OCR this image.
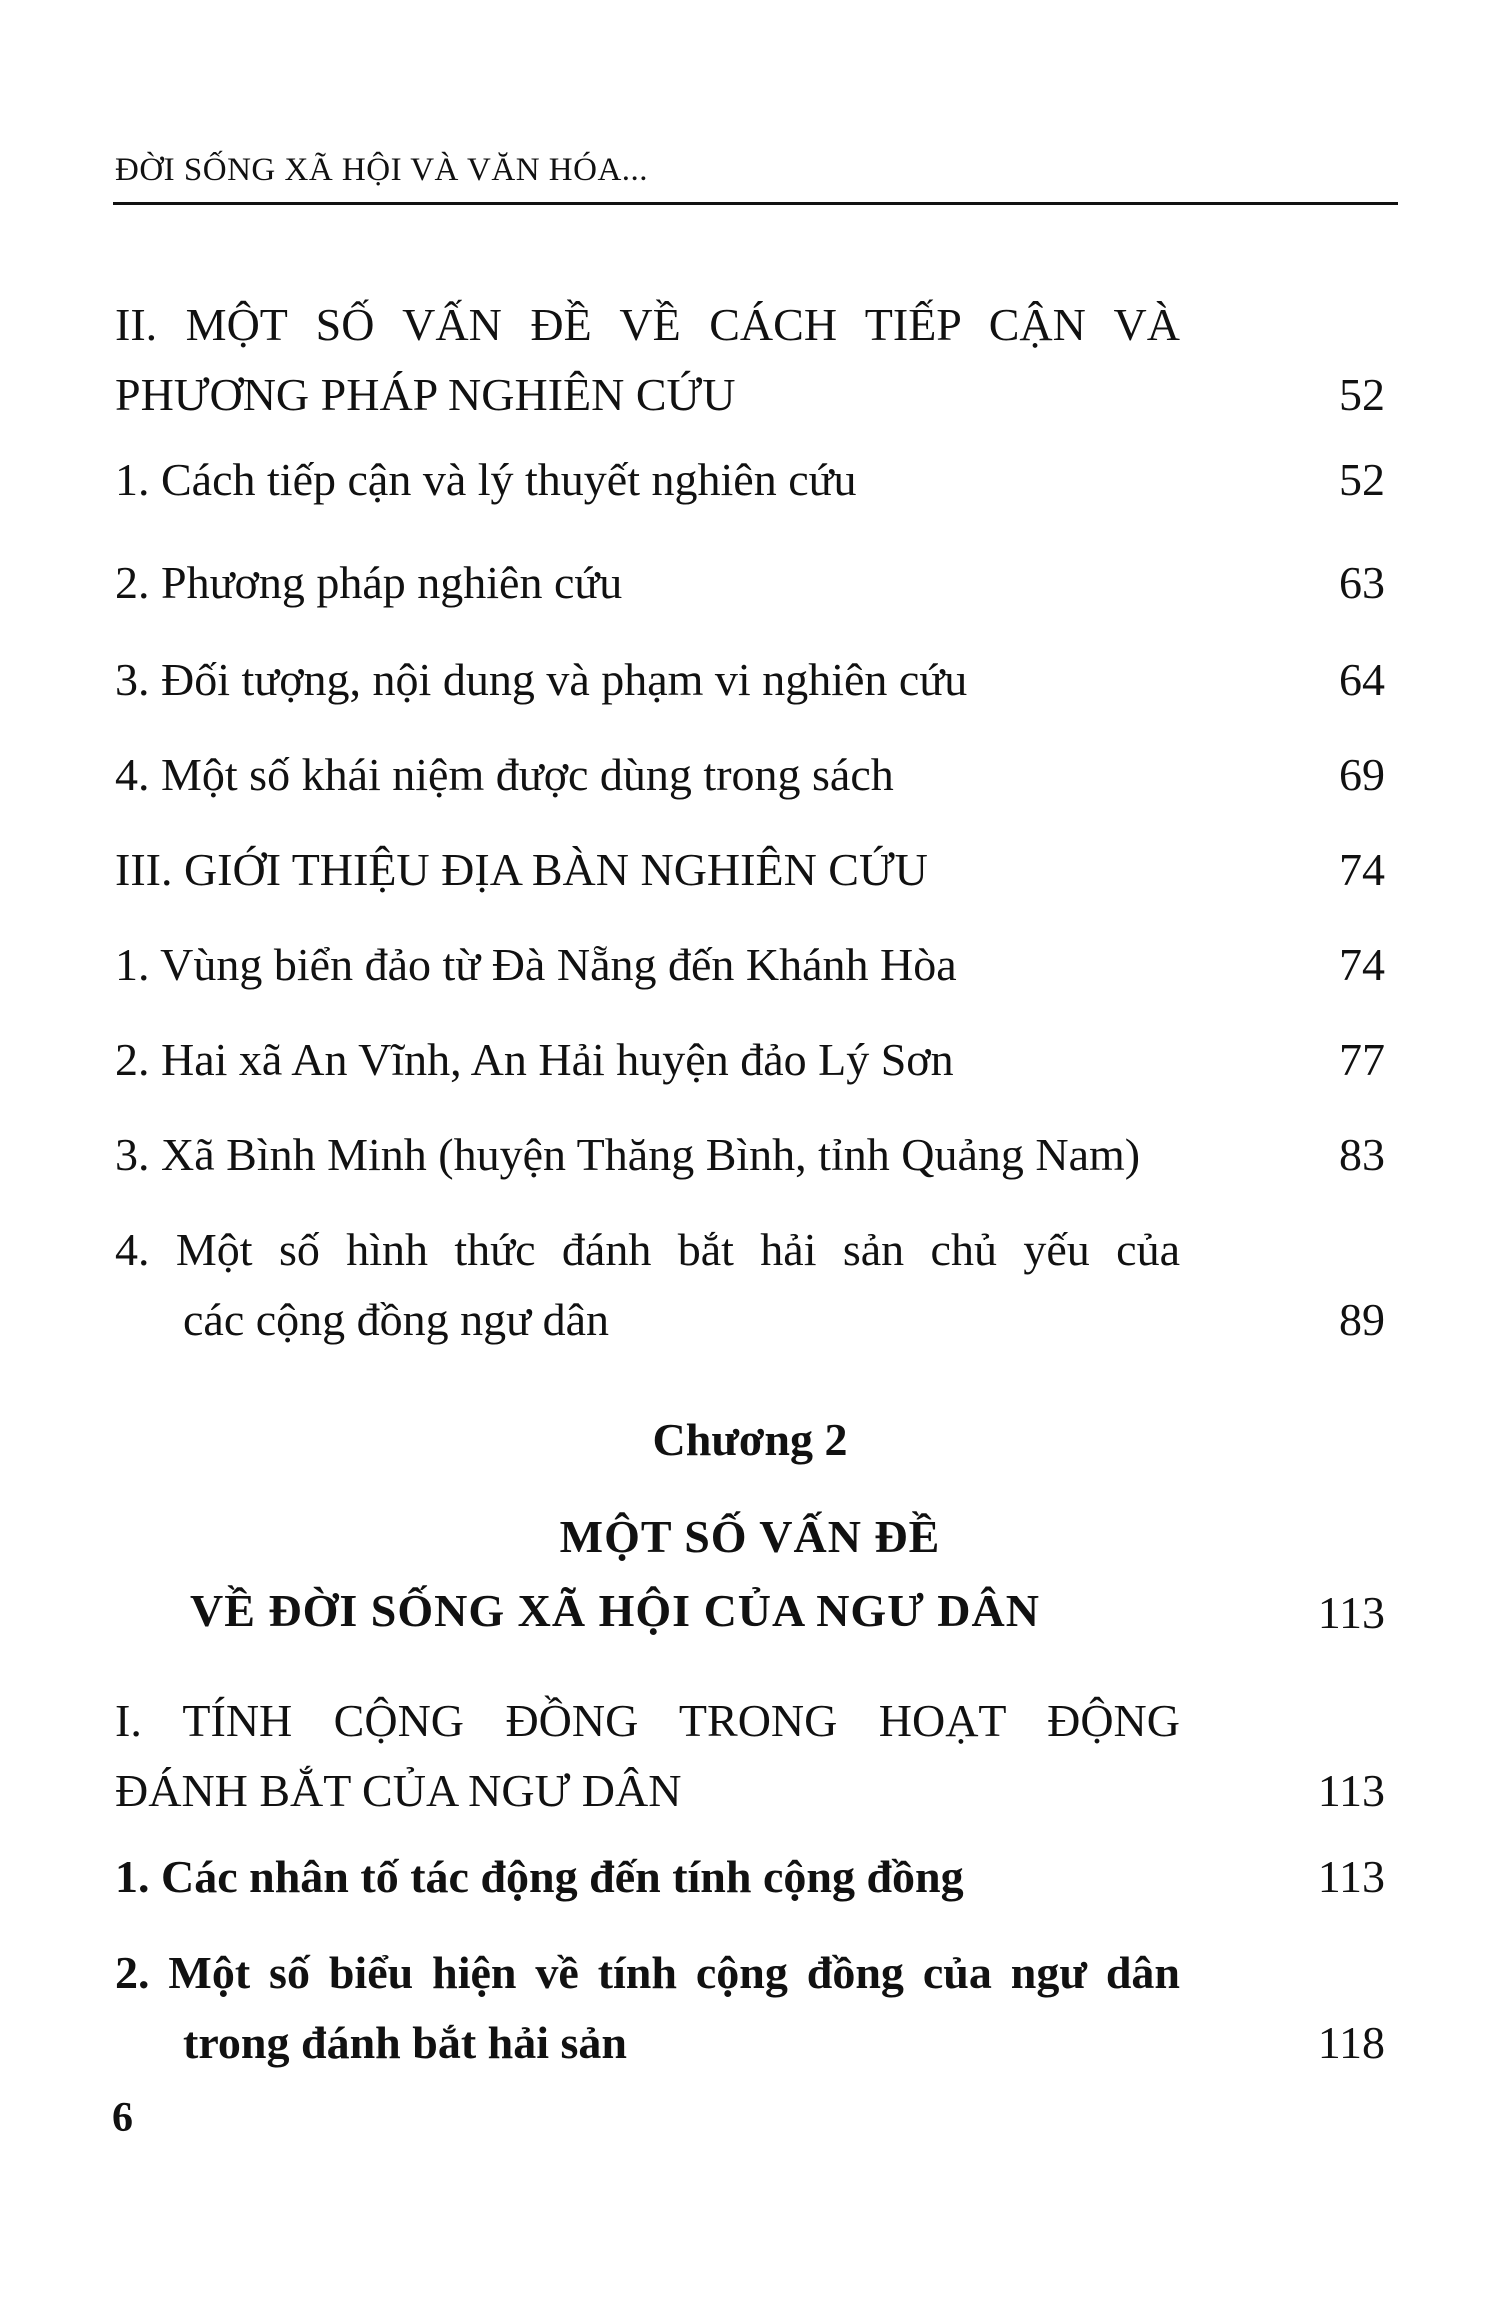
ĐỜI SỐNG XÃ HỘI VÀ VĂN HÓA...
II. MỘT SỐ VẤN ĐỀ VỀ CÁCH TIẾP CẬN VÀ
PHƯƠNG PHÁP NGHIÊN CỨU	52
1. Cách tiếp cận và lý thuyết nghiên cứu	52
2. Phương pháp nghiên cứu	63
3. Đối tượng, nội dung và phạm vi nghiên cứu	64
4. Một số khái niệm được dùng trong sách	69
III. GIỚI THIỆU ĐỊA BÀN NGHIÊN CỨU	74
1. Vùng biển đảo từ Đà Nẵng đến Khánh Hòa	74
2. Hai xã An Vĩnh, An Hải huyện đảo Lý Sơn	77
3. Xã Bình Minh (huyện Thăng Bình, tỉnh Quảng Nam)	83
4. Một số hình thức đánh bắt hải sản chủ yếu của
các cộng đồng ngư dân	89
Chương 2
MỘT SỐ VẤN ĐỀ
VỀ ĐỜI SỐNG XÃ HỘI CỦA NGƯ DÂN	113
I. TÍNH CỘNG ĐỒNG TRONG HOẠT ĐỘNG
ĐÁNH BẮT CỦA NGƯ DÂN	113
1. Các nhân tố tác động đến tính cộng đồng	113
2. Một số biểu hiện về tính cộng đồng của ngư dân
trong đánh bắt hải sản	118
6
